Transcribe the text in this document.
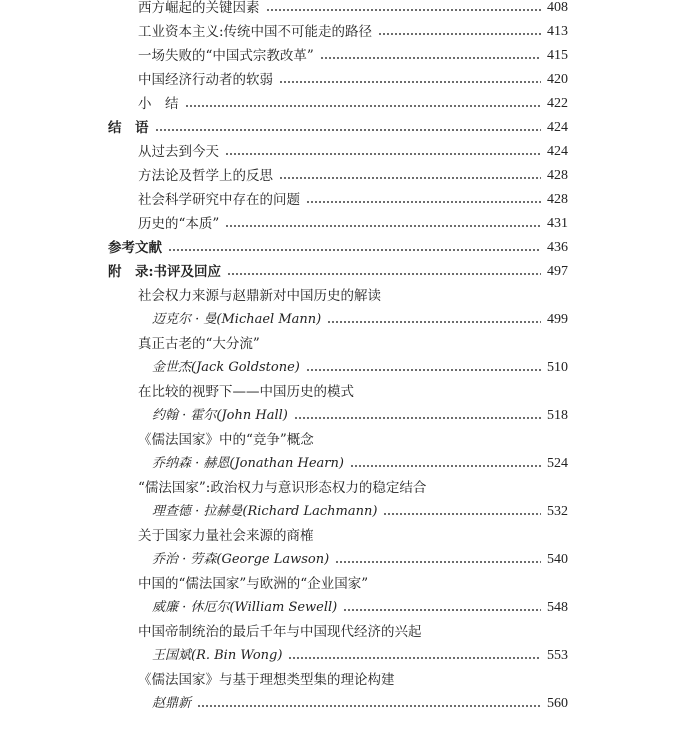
西方崛起的关键因素	408
工业资本主义:传统中国不可能走的路径	413
一场失败的“中国式宗教改革”	415
中国经济行动者的软弱	420
小　结	422
结　语	424
从过去到今天	424
方法论及哲学上的反思	428
社会科学研究中存在的问题	428
历史的“本质”	431
参考文献	436
附　录:书评及回应	497
社会权力来源与赵鼎新对中国历史的解读
迈克尔 · 曼(Michael Mann)	499
真正古老的“大分流”
金世杰(Jack Goldstone)	510
在比较的视野下——中国历史的模式
约翰 · 霍尔(John Hall)	518
《儒法国家》中的“竞争”概念
乔纳森 · 赫恩(Jonathan Hearn)	524
“儒法国家”:政治权力与意识形态权力的稳定结合
理查德 · 拉赫曼(Richard Lachmann)	532
关于国家力量社会来源的商榷
乔治 · 劳森(George Lawson)	540
中国的“儒法国家”与欧洲的“企业国家”
威廉 · 休厄尔(William Sewell)	548
中国帝制统治的最后千年与中国现代经济的兴起
王国斌(R. Bin Wong)	553
《儒法国家》与基于理想类型集的理论构建
赵鼎新	560
